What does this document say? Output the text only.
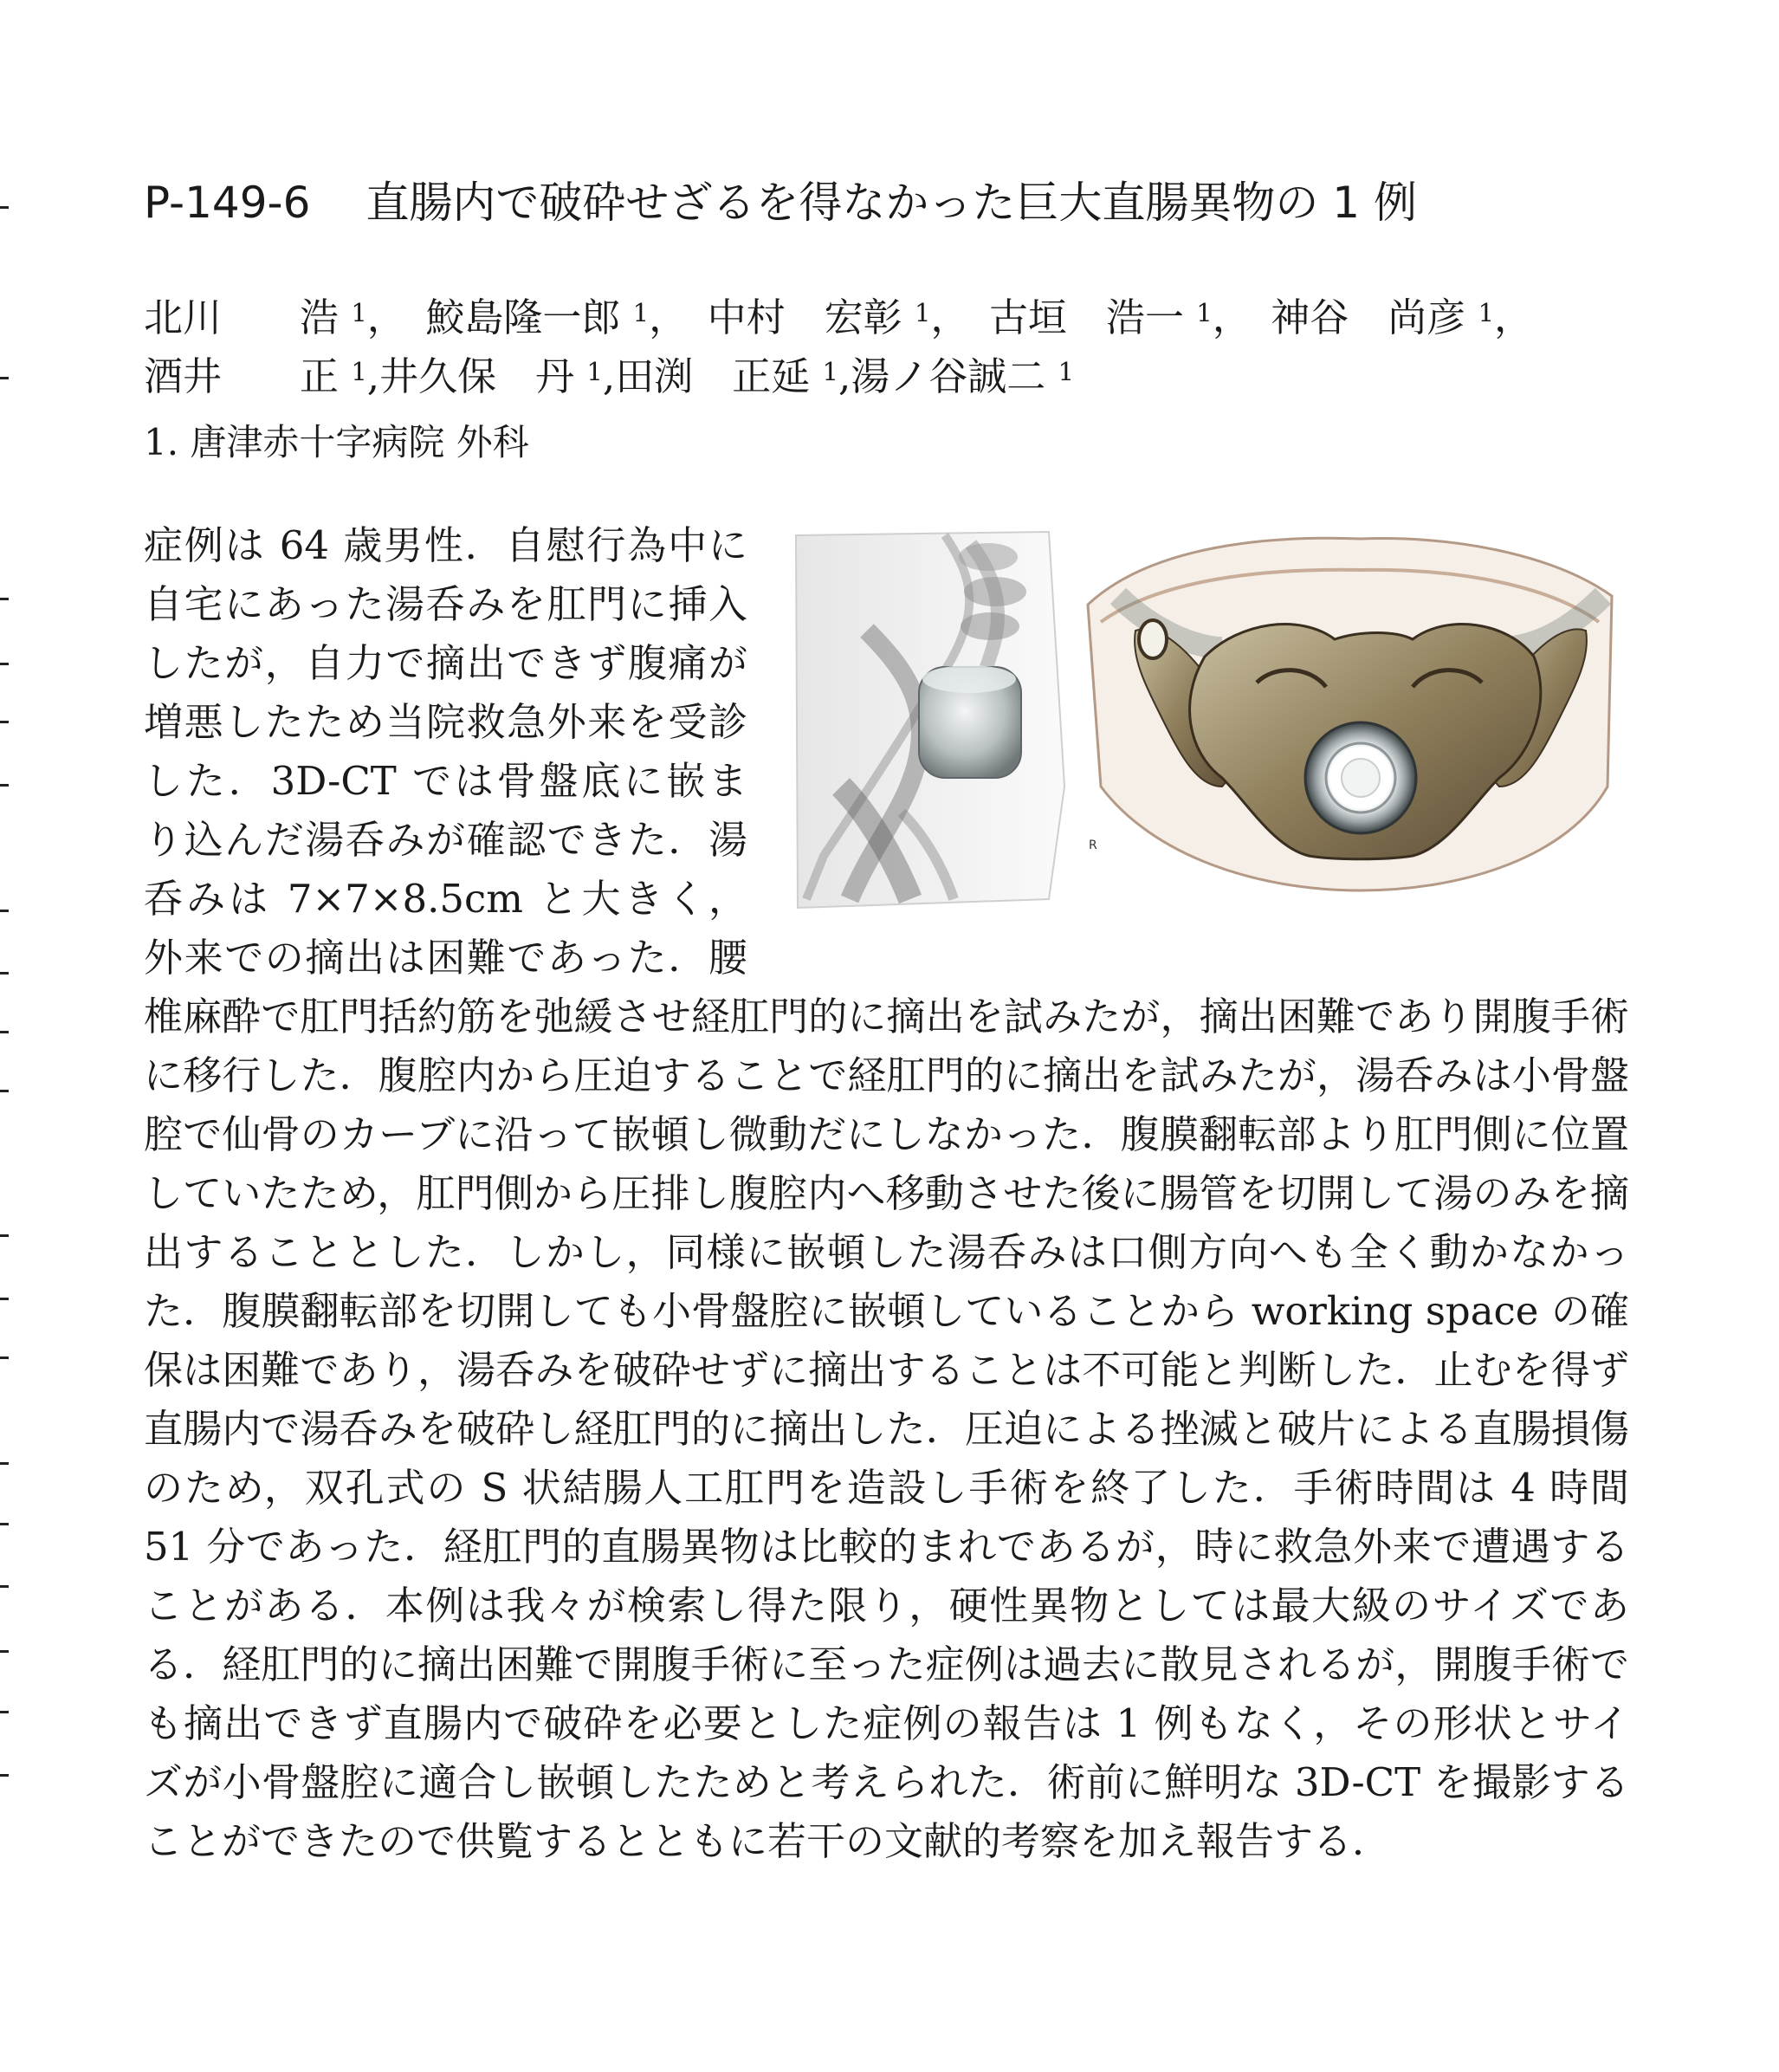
P-149-6 直腸内で破砕せざるを得なかった巨大直腸異物の 1 例
北川　　浩 $^1$，　 鮫島隆一郎 $^1$，　 中村　宏彰 $^1$，　 古垣　浩一 $^1$，　 神谷　尚彦 $^1$，
酒井　　正 $^1$,井久保　丹 $^1$,田渕　正延 $^1$,湯ノ谷誠二 $^1$
1. 唐津赤十字病院 外科
R

症例は 64 歳男性．自慰行為中に自宅にあった湯呑みを肛門に挿入したが，自力で摘出できず腹痛が増悪したため当院救急外来を受診した．3D-CT では骨盤底に嵌まり込んだ湯呑みが確認できた．湯呑みは 7×7×8.5cm と大きく，外来での摘出は困難であった．腰椎麻酔で肛門括約筋を弛緩させ経肛門的に摘出を試みたが，摘出困難であり開腹手術に移行した．腹腔内から圧迫することで経肛門的に摘出を試みたが，湯呑みは小骨盤腔で仙骨のカーブに沿って嵌頓し微動だにしなかった．腹膜翻転部より肛門側に位置していたため，肛門側から圧排し腹腔内へ移動させた後に腸管を切開して湯のみを摘出することとした．しかし，同様に嵌頓した湯呑みは口側方向へも全く動かなかった．腹膜翻転部を切開しても小骨盤腔に嵌頓していることから working space の確保は困難であり，湯呑みを破砕せずに摘出することは不可能と判断した．止むを得ず直腸内で湯呑みを破砕し経肛門的に摘出した．圧迫による挫滅と破片による直腸損傷のため，双孔式の S 状結腸人工肛門を造設し手術を終了した．手術時間は 4 時間 51 分であった．経肛門的直腸異物は比較的まれであるが，時に救急外来で遭遇することがある．本例は我々が検索し得た限り，硬性異物としては最大級のサイズである．経肛門的に摘出困難で開腹手術に至った症例は過去に散見されるが，開腹手術でも摘出できず直腸内で破砕を必要とした症例の報告は 1 例もなく，その形状とサイズが小骨盤腔に適合し嵌頓したためと考えられた．術前に鮮明な 3D-CT を撮影することができたので供覧するとともに若干の文献的考察を加え報告する．
